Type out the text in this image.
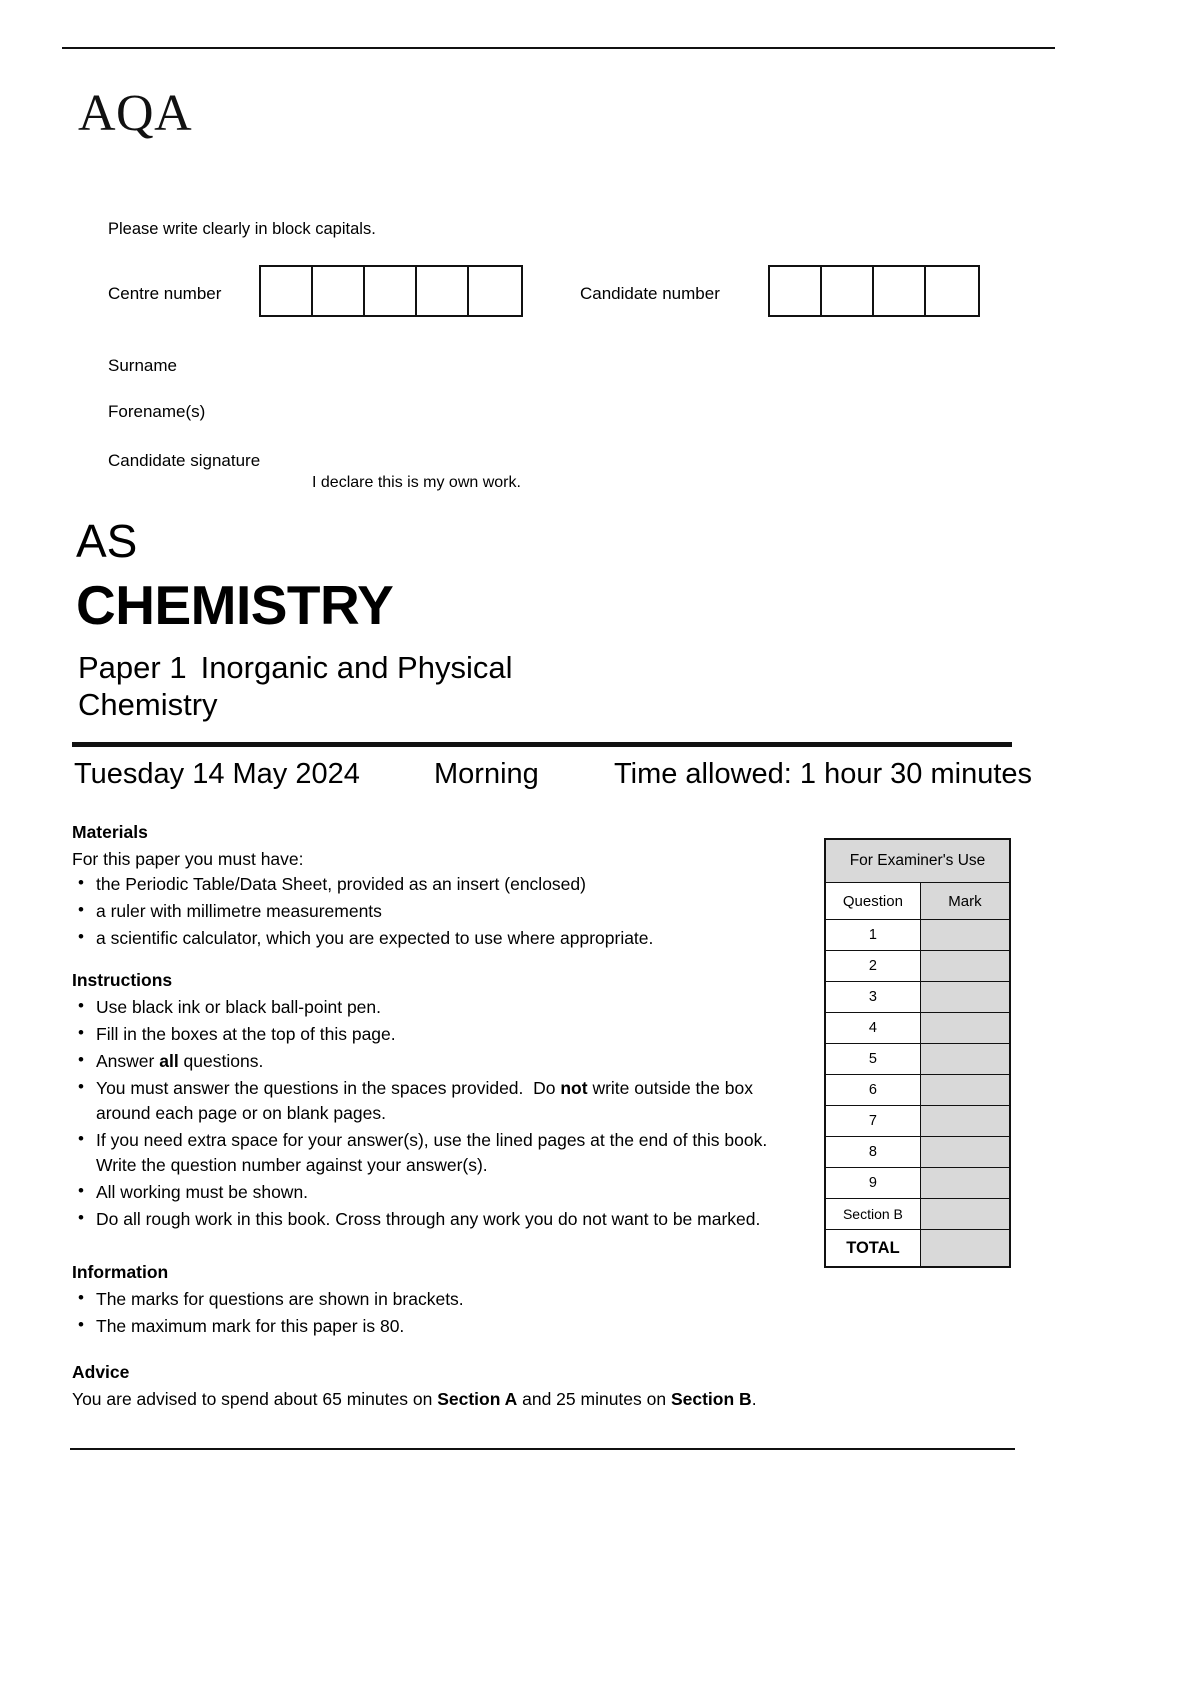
AQA
Please write clearly in block capitals.
Centre number	Candidate number
Surname
Forename(s)
Candidate signature
I declare this is my own work.
AS
CHEMISTRY
Paper 1 Inorganic and Physical
Chemistry
Tuesday 14 May 2024	Morning	Time allowed: 1 hour 30 minutes
Materials

For this paper you must have:

• the Periodic Table/Data Sheet, provided as an insert (enclosed)
• a ruler with millimetre measurements
• a scientific calculator, which you are expected to use where appropriate.
Instructions
• Use black ink or black ball-point pen.
• Fill in the boxes at the top of this page.
• Answer all questions.
• You must answer the questions in the spaces provided.  Do not write outside the box around each page or on blank pages.
• If you need extra space for your answer(s), use the lined pages at the end of this book. Write the question number against your answer(s).
• All working must be shown.
• Do all rough work in this book. Cross through any work you do not want to be marked.
Information
• The marks for questions are shown in brackets.
• The maximum mark for this paper is 80.
Advice

You are advised to spend about 65 minutes on Section A and 25 minutes on Section B.

For Examiner's Use	
Question	Mark
1	
2	
3	
4	
5	
6	
7	
8	
9	
Section B	
TOTAL	
